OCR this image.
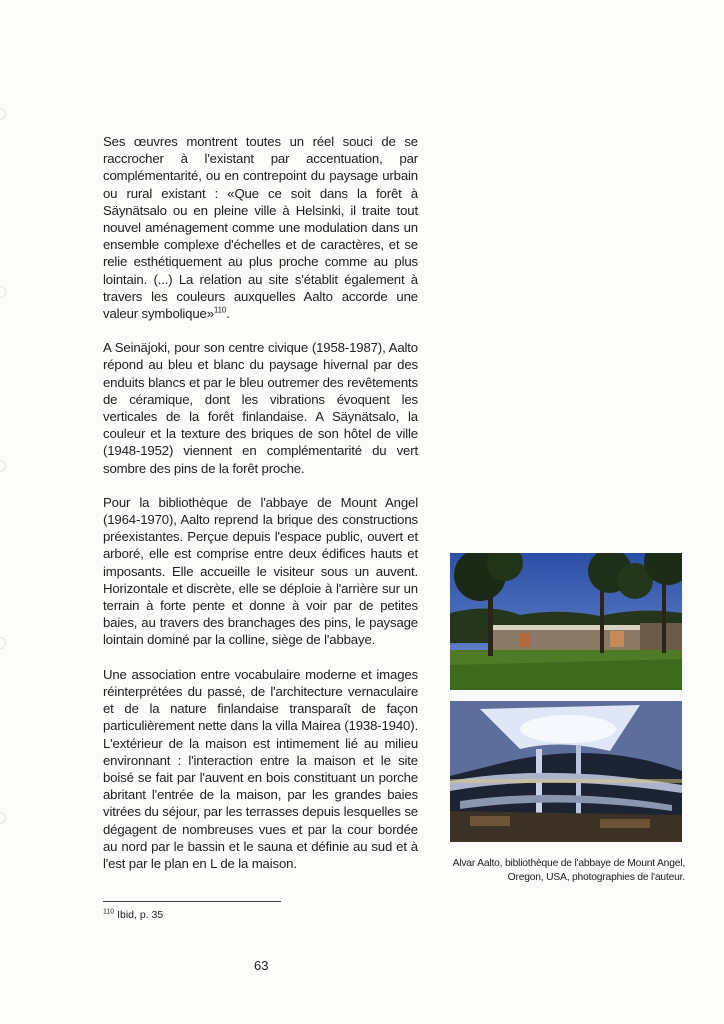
Ses œuvres montrent toutes un réel souci de se raccrocher à l'existant par accentuation, par complémentarité, ou en contrepoint du paysage urbain ou rural existant : «Que ce soit dans la forêt à Säynätsalo ou en pleine ville à Helsinki, il traite tout nouvel aménagement comme une modulation dans un ensemble complexe d'échelles et de caractères, et se relie esthétiquement au plus proche comme au plus lointain. (...) La relation au site s'établit également à travers les couleurs auxquelles Aalto accorde une valeur symbolique»$^{110}$.

A Seinäjoki, pour son centre civique (1958-1987), Aalto répond au bleu et blanc du paysage hivernal par des enduits blancs et par le bleu outremer des revêtements de céramique, dont les vibrations évoquent les verticales de la forêt finlandaise. A Säynätsalo, la couleur et la texture des briques de son hôtel de ville (1948-1952) viennent en complémentarité du vert sombre des pins de la forêt proche.

Pour la bibliothèque de l'abbaye de Mount Angel (1964-1970), Aalto reprend la brique des constructions préexistantes. Perçue depuis l'espace public, ouvert et arboré, elle est comprise entre deux édifices hauts et imposants. Elle accueille le visiteur sous un auvent. Horizontale et discrète, elle se déploie à l'arrière sur un terrain à forte pente et donne à voir par de petites baies, au travers des branchages des pins, le paysage lointain dominé par la colline, siège de l'abbaye.

Une association entre vocabulaire moderne et images réinterprétées du passé, de l'architecture vernaculaire et de la nature finlandaise transparaît de façon particulièrement nette dans la villa Mairea (1938-1940). L'extérieur de la maison est intimement lié au milieu environnant : l'interaction entre la maison et le site boisé se fait par l'auvent en bois constituant un porche abritant l'entrée de la maison, par les grandes baies vitrées du séjour, par les terrasses depuis lesquelles se dégagent de nombreuses vues et par la cour bordée au nord par le bassin et le sauna et définie au sud et à l'est par le plan en L de la maison.	Alvar Aalto, bibliothèque de l'abbaye de Mount Angel, Oregon, USA, photographies de l'auteur.
$^{110}$ Ibid, p. 35
63
